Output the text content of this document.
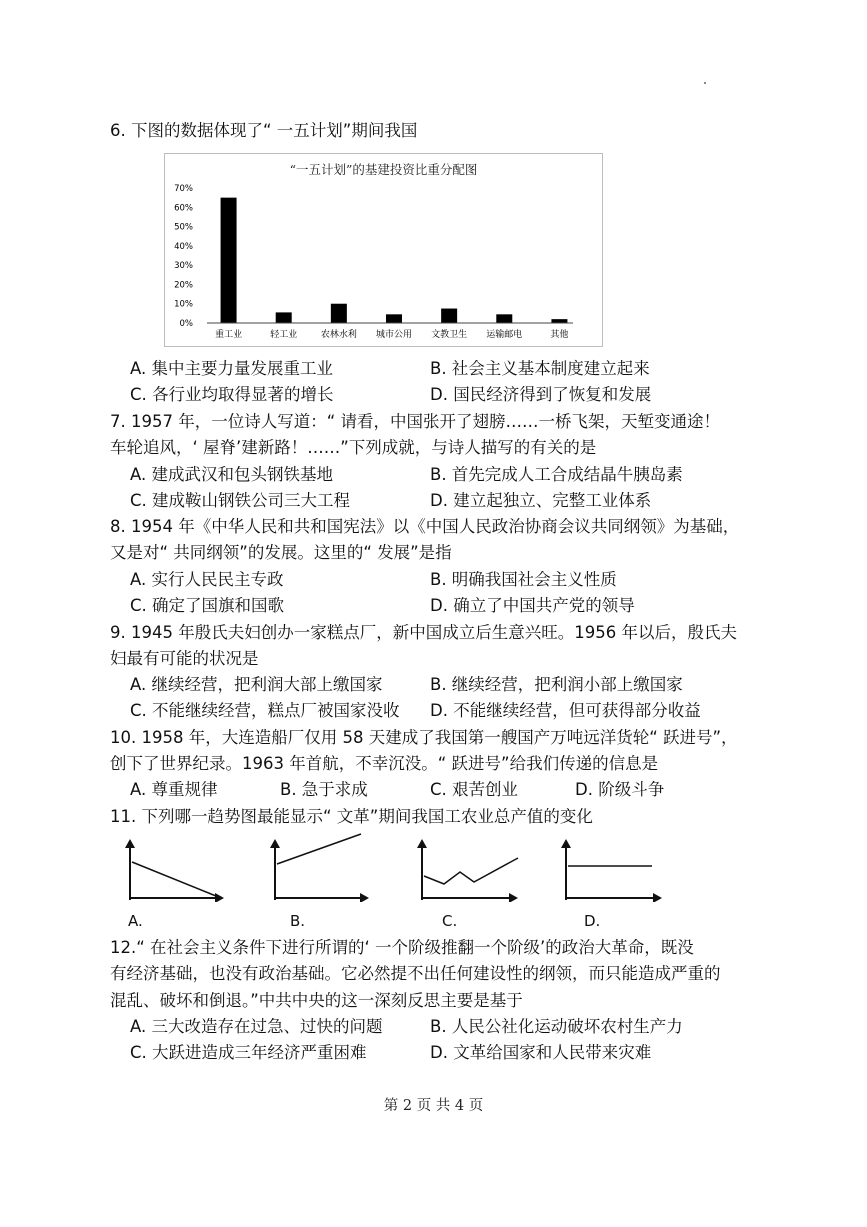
6. 下图的数据体现了“ 一五计划”期间我国
“一五计划”的基建投资比重分配图
0%
10%
20%
30%
40%
50%
60%
70%
重工业	轻工业	农林水利 城市公用 文教卫生 运输邮电	其他
A. 集中主要力量发展重工业	B. 社会主义基本制度建立起来
C. 各行业均取得显著的增长	D. 国民经济得到了恢复和发展
7. 1957 年，一位诗人写道：“ 请看，中国张开了翅膀……一桥飞架，天堑变通途！
车轮追风，‘ 屋脊’建新路！……”下列成就，与诗人描写的有关的是
A. 建成武汉和包头钢铁基地	B. 首先完成人工合成结晶牛胰岛素
C. 建成鞍山钢铁公司三大工程	D. 建立起独立、完整工业体系
8. 1954 年《中华人民和共和国宪法》以《中国人民政治协商会议共同纲领》为基础，
又是对“ 共同纲领”的发展。这里的“ 发展”是指
A. 实行人民民主专政	B. 明确我国社会主义性质
C. 确定了国旗和国歌	D. 确立了中国共产党的领导
9. 1945 年殷氏夫妇创办一家糕点厂，新中国成立后生意兴旺。1956 年以后，殷氏夫
妇最有可能的状况是
A. 继续经营，把利润大部上缴国家	B. 继续经营，把利润小部上缴国家
C. 不能继续经营，糕点厂被国家没收 D. 不能继续经营，但可获得部分收益
10. 1958 年，大连造船厂仅用 58 天建成了我国第一艘国产万吨远洋货轮“ 跃进号”，
创下了世界纪录。1963 年首航，不幸沉没。“ 跃进号”给我们传递的信息是
A. 尊重规律	B. 急于求成	C. 艰苦创业	D. 阶级斗争
11. 下列哪一趋势图最能显示“ 文革”期间我国工农业总产值的变化
A.	B.	C.	D.
12.“ 在社会主义条件下进行所谓的‘ 一个阶级推翻一个阶级’的政治大革命，既没
有经济基础，也没有政治基础。它必然提不出任何建设性的纲领，而只能造成严重的
混乱、破坏和倒退。”中共中央的这一深刻反思主要是基于
A. 三大改造存在过急、过快的问题	B. 人民公社化运动破坏农村生产力
C. 大跃进造成三年经济严重困难	D. 文革给国家和人民带来灾难
第 2 页 共 4 页
